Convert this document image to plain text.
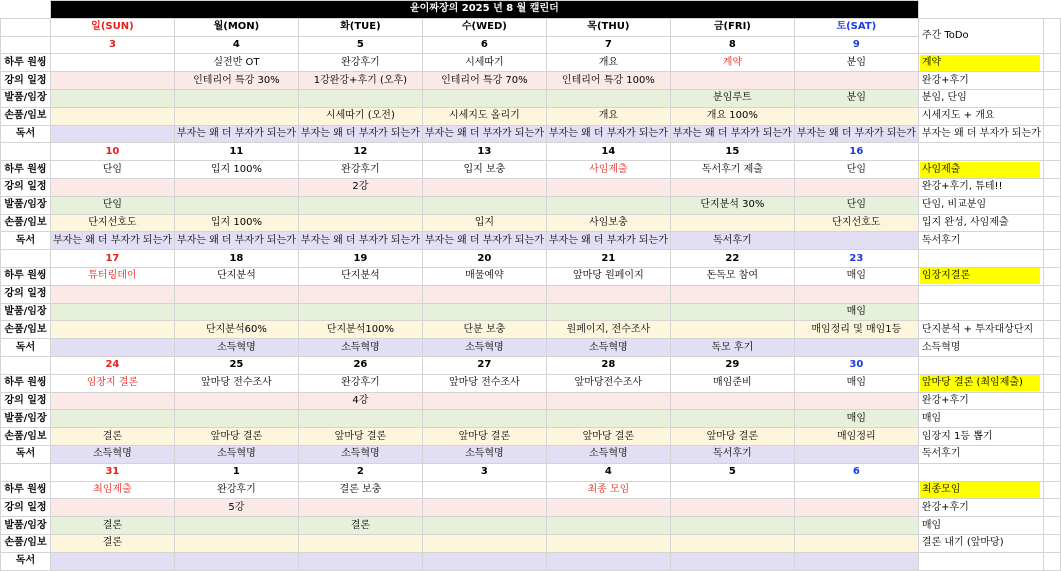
	윤이짜장의 2025 년 8 월 캘린더								
	일(SUN)	월(MON)	화(TUE)	수(WED)	목(THU)	금(FRI)	토(SAT)	주간 ToDo	
	3	4	5	6	7	8	9		
하루 원씽		실전반 OT	완강후기	시세따기	개요	계약	분임	계약	

강의 일정		인테리어 특강 30%	1강완강+후기 (오후)	인테리어 특강 70%	인테리어 특강 100%			완강+후기	
발품/임장						분임루트	분임	분임, 단임	
손품/임보			시세따기 (오전)	시세지도 올리기	개요	개요 100%		시세지도 + 개요	
독서		부자는 왜 더 부자가 되는가	부자는 왜 더 부자가 되는가	부자는 왜 더 부자가 되는가	부자는 왜 더 부자가 되는가	부자는 왜 더 부자가 되는가	부자는 왜 더 부자가 되는가	부자는 왜 더 부자가 되는가	
	10	11	12	13	14	15	16		
하루 원씽	단임	입지 100%	완강후기	입지 보충	사임제출	독서후기 제출	단임	사임제출	

강의 일정			2강					완강+후기, 튜테!!	
발품/임장	단임					단지분석 30%	단임	단임, 비교분임	
손품/임보	단지선호도	입지 100%		입지	사임보충		단지선호도	입지 완성, 사임제출	
독서	부자는 왜 더 부자가 되는가	부자는 왜 더 부자가 되는가	부자는 왜 더 부자가 되는가	부자는 왜 더 부자가 되는가	부자는 왜 더 부자가 되는가	독서후기		독서후기	
	17	18	19	20	21	22	23		
하루 원씽	튜터링데이	단지분석	단지분석	매물예약	앞마당 원페이지	돈독모 참여	매임	임장지결론	

강의 일정									
발품/임장							매임		
손품/임보		단지분석60%	단지분석100%	단분 보충	원페이지, 전수조사		매임정리 및 매임1등	단지분석 + 투자대상단지	
독서		소득혁명	소득혁명	소득혁명	소득혁명	독모 후기		소득혁명	
	24	25	26	27	28	29	30		
하루 원씽	임장지 결론	앞마당 전수조사	완강후기	앞마당 전수조사	앞마당전수조사	매임준비	매임	앞마당 결론 (최임제출)	

강의 일정			4강					완강+후기	
발품/임장							매임	매임	
손품/임보	결론	앞마당 결론	앞마당 결론	앞마당 결론	앞마당 결론	앞마당 결론	매임정리	임장지 1등 뽑기	
독서	소득혁명	소득혁명	소득혁명	소득혁명	소득혁명	독서후기		독서후기	
	31	1	2	3	4	5	6		
하루 원씽	최임제출	완강후기	결론 보충		최종 모임			최종모임	

강의 일정		5강						완강+후기	
발품/임장	결론		결론					매임	
손품/임보	결론							결론 내기 (앞마당)	
독서									
